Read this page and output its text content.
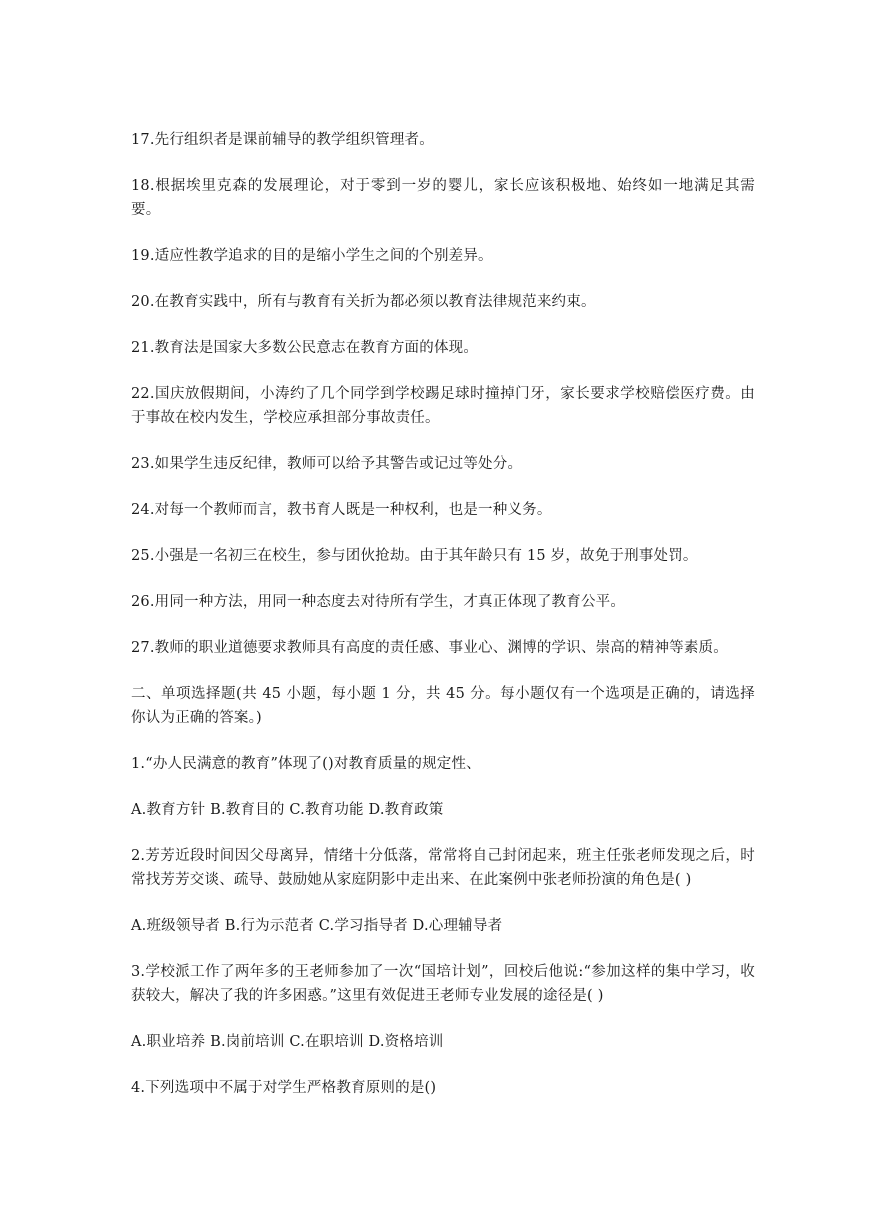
17.先行组织者是课前辅导的教学组织管理者。

18.根据埃里克森的发展理论，对于零到一岁的婴儿，家长应该积极地、始终如一地满足其需要。

19.适应性教学追求的目的是缩小学生之间的个别差异。

20.在教育实践中，所有与教育有关折为都必须以教育法律规范来约束。

21.教育法是国家大多数公民意志在教育方面的体现。

22.国庆放假期间，小涛约了几个同学到学校踢足球时撞掉门牙，家长要求学校赔偿医疗费。由于事故在校内发生，学校应承担部分事故责任。

23.如果学生违反纪律，教师可以给予其警告或记过等处分。

24.对每一个教师而言，教书育人既是一种权利，也是一种义务。

25.小强是一名初三在校生，参与团伙抢劫。由于其年龄只有 15 岁，故免于刑事处罚。

26.用同一种方法，用同一种态度去对待所有学生，才真正体现了教育公平。

27.教师的职业道德要求教师具有高度的责任感、事业心、渊博的学识、崇高的精神等素质。

二、单项选择题(共 45 小题，每小题 1 分，共 45 分。每小题仅有一个选项是正确的，请选择你认为正确的答案。)

1.“办人民满意的教育”体现了()对教育质量的规定性、

A.教育方针 B.教育目的 C.教育功能 D.教育政策

2.芳芳近段时间因父母离异，情绪十分低落，常常将自己封闭起来，班主任张老师发现之后，时常找芳芳交谈、疏导、鼓励她从家庭阴影中走出来、在此案例中张老师扮演的角色是( )

A.班级领导者 B.行为示范者 C.学习指导者 D.心理辅导者

3.学校派工作了两年多的王老师参加了一次“国培计划”，回校后他说:“参加这样的集中学习，收获较大，解决了我的许多困惑。”这里有效促进王老师专业发展的途径是( )

A.职业培养 B.岗前培训 C.在职培训 D.资格培训

4.下列选项中不属于对学生严格教育原则的是()
